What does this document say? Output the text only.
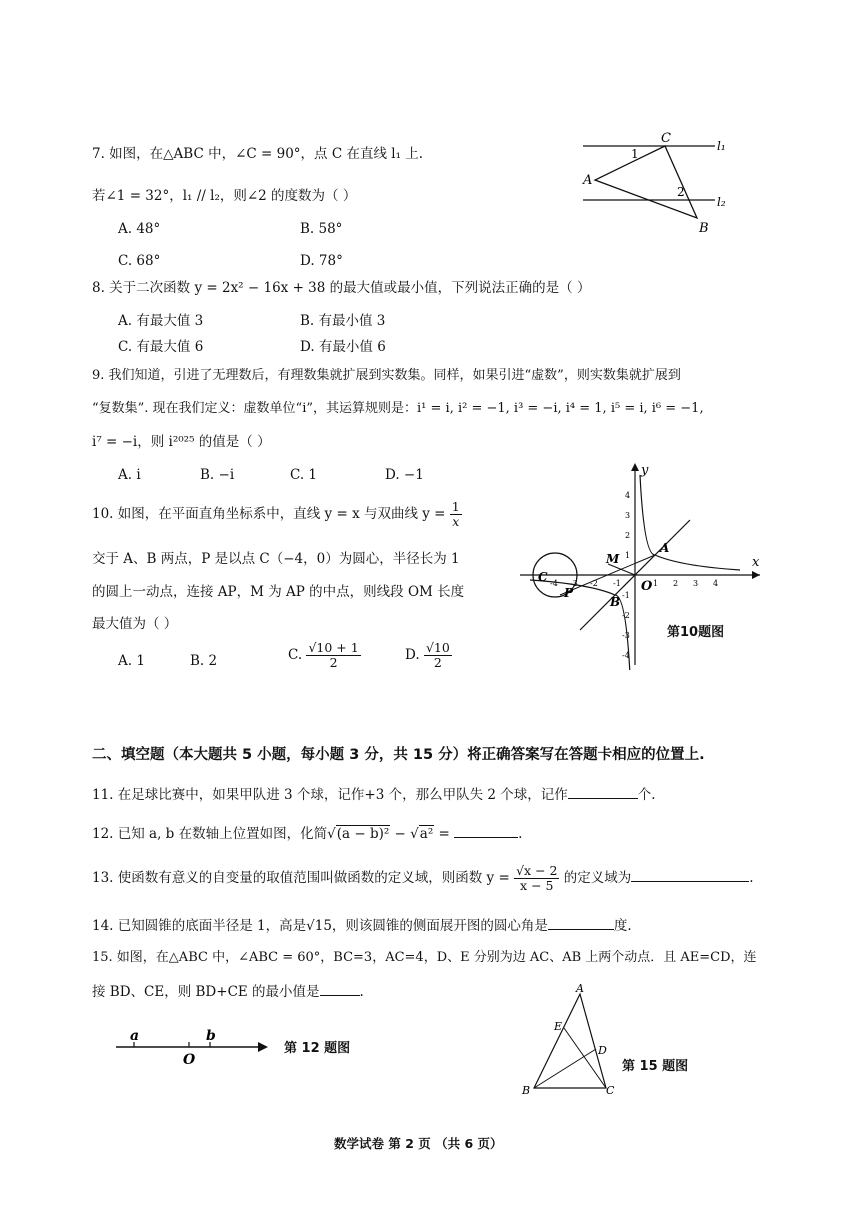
7. 如图，在△ABC 中，∠C = 90°，点 C 在直线 l₁ 上.
若∠1 = 32°，l₁ // l₂，则∠2 的度数为（ ）
A. 48°	B. 58°
C. 68°	D. 78°
C
A
B
1
2
l₁
l₂
8. 关于二次函数 y = 2x² − 16x + 38 的最大值或最小值，下列说法正确的是（ ）
A. 有最大值 3	B. 有最小值 3
C. 有最大值 6	D. 有最小值 6
9. 我们知道，引进了无理数后，有理数集就扩展到实数集。同样，如果引进“虚数”，则实数集就扩展到
“复数集”. 现在我们定义：虚数单位“i”，其运算规则是：i¹ = i, i² = −1, i³ = −i, i⁴ = 1, i⁵ = i, i⁶ = −1,
i⁷ = −i，则 i²⁰²⁵ 的值是（ ）
A. i	B. −i	C. 1	D. −1
10. 如图，在平面直角坐标系中，直线 y = x 与双曲线 $y = \frac{1}{x}$
交于 A、B 两点，P 是以点 C（−4，0）为圆心，半径长为 1
的圆上一动点，连接 AP，M 为 AP 的中点，则线段 OM 长度
最大值为（ ）
A. 1	B. 2	C. $\frac{√10 + 1}{2}$	D. $\frac{√10}{2}$
x
y
O
-4 -3 -2 -1	1 2 3 4
4
3
2
1
-1
-2
-3
-4
A
B
M
P
C
第10题图
二、填空题（本大题共 5 小题，每小题 3 分，共 15 分）将正确答案写在答题卡相应的位置上.
11. 在足球比赛中，如果甲队进 3 个球，记作+3 个，那么甲队失 2 个球，记作	个.
12. 已知 a, b 在数轴上位置如图，化简√(a − b)² − √a² =	.
13. 使函数有意义的自变量的取值范围叫做函数的定义域，则函数 $y = \frac{√x - 2}{x - 5}$ 的定义域为	.
14. 已知圆锥的底面半径是 1，高是√15，则该圆锥的侧面展开图的圆心角是	度.
15. 如图，在△ABC 中，∠ABC = 60°，BC=3，AC=4，D、E 分别为边 AC、AB 上两个动点．且 AE=CD，连
接 BD、CE，则 BD+CE 的最小值是	.
a	b
O
第 12 题图
A
B	C
D
E
第 15 题图
数学试卷 第 2 页 （共 6 页）
